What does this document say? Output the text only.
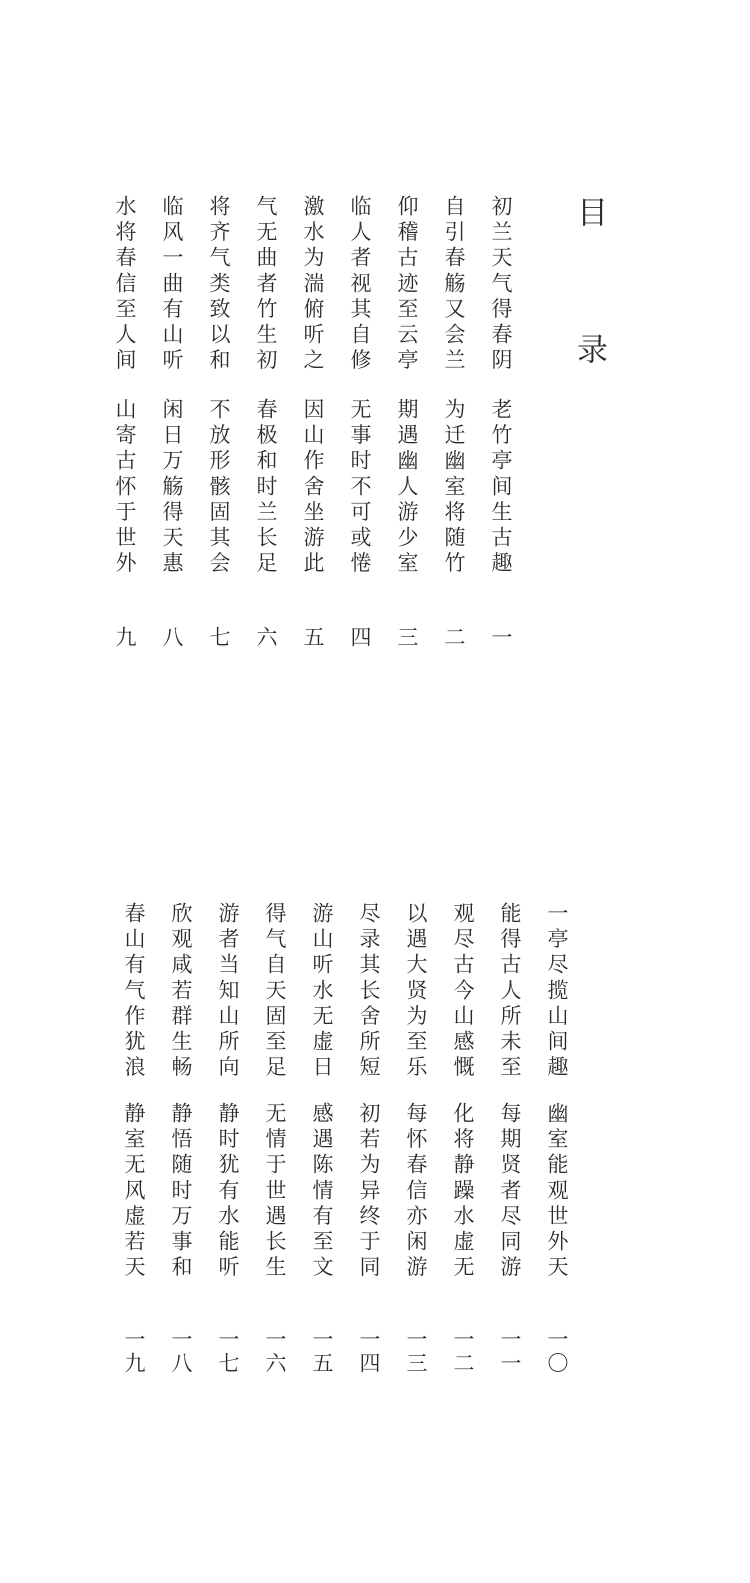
目 录
初兰天气得春阴
老竹亭间生古趣
一
自引春觞又会兰
为迁幽室将随竹
二
仰稽古迹至云亭
期遇幽人游少室
三
临人者视其自修
无事时不可或惓
四
激水为湍俯听之
因山作舍坐游此
五
气无曲者竹生初
春极和时兰长足
六
将齐气类致以和
不放形骸固其会
七
临风一曲有山听
闲日万觞得天惠
八
水将春信至人间
山寄古怀于世外
九
幽室能观世外天
一亭尽揽山间趣
一〇
每期贤者尽同游
能得古人所未至
一一
化将静躁水虚无
观尽古今山感慨
一二
每怀春信亦闲游
以遇大贤为至乐
一三
初若为异终于同
尽录其长舍所短
一四
感遇陈情有至文
游山听水无虚日
一五
无情于世遇长生
得气自天固至足
一六
静时犹有水能听
游者当知山所向
一七
静悟随时万事和
欣观咸若群生畅
一八
静室无风虚若天
春山有气作犹浪
一九
